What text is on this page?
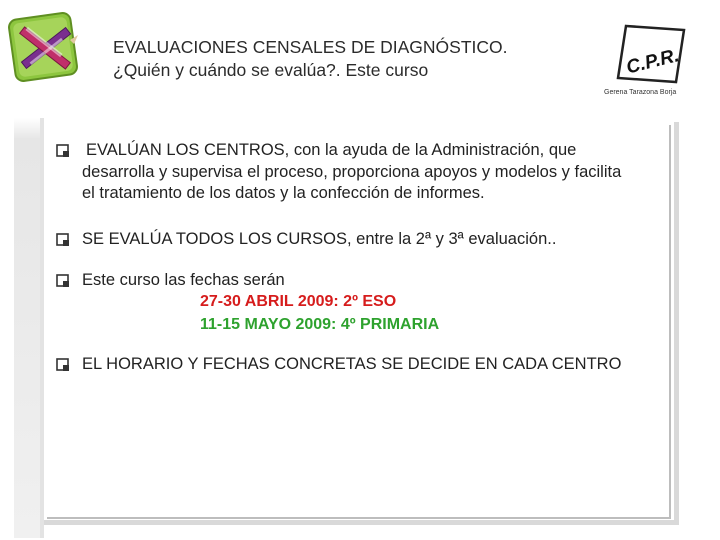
C.P.R.
Gerena Tarazona Borja
EVALUACIONES CENSALES DE DIAGNÓSTICO.
¿Quién y cuándo se evalúa?. Este curso
EVALÚAN LOS CENTROS, con la ayuda de la Administración, que
desarrolla y supervisa el proceso, proporciona apoyos y modelos y facilita
el tratamiento de los datos y la confección de informes.
SE EVALÚA TODOS LOS CURSOS, entre la 2ª y 3ª evaluación..
Este curso las fechas serán
27-30 ABRIL 2009: 2º ESO
11-15 MAYO 2009: 4º PRIMARIA
EL HORARIO Y FECHAS CONCRETAS SE DECIDE EN CADA CENTRO
